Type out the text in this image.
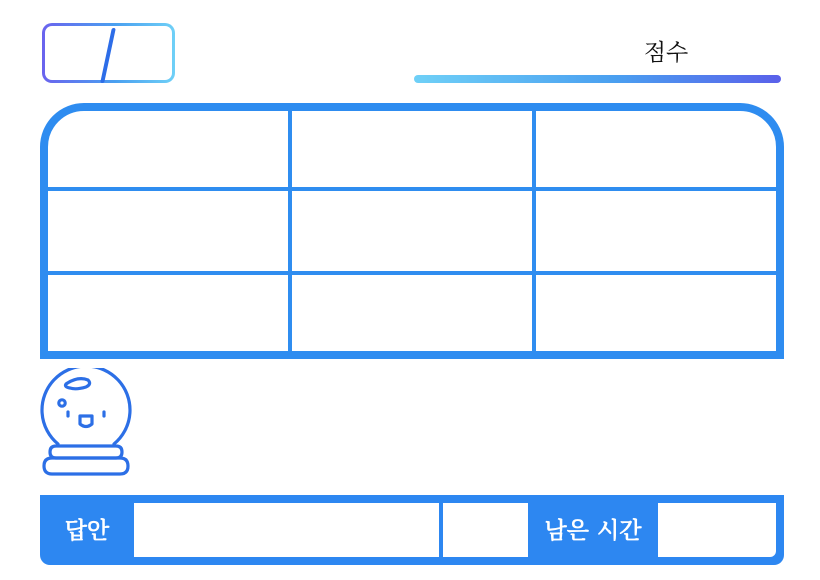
점수
답안	남은 시간
